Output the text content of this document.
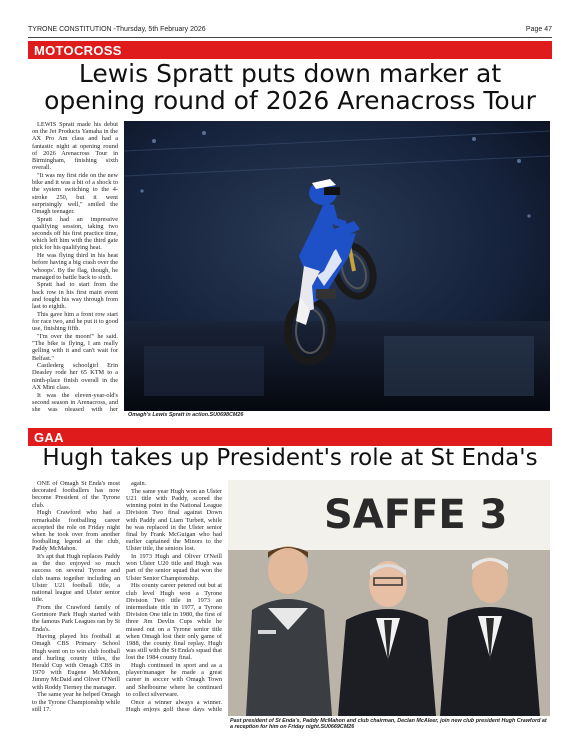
TYRONE CONSTITUTION -Thursday, 5th February 2026	Page 47
MOTOCROSS
Lewis Spratt puts down marker at
opening round of 2026 Arenacross Tour

LEWIS Spratt made his debut on the Jet Products Yamaha in the AX Pro Am class and had a fantastic night at opening round of 2026 Arenacross Tour in Birmingham, finishing sixth overall.

"It was my first ride on the new bike and it was a bit of a shock to the system switching to the 4-stroke 250, but it went surprisingly well," smiled the Omagh teenager.

Spratt had an impressive qualifying session, taking two seconds off his first practice time, which left him with the third gate pick for his qualifying heat.

He was flying third in his heat before having a big crash over the 'whoops'. By the flag, though, he managed to battle back to sixth.

Spratt had to start from the back row in his first main event and fought his way through from last to eighth.

This gave him a front row start for race two, and he put it to good use, finishing fifth.

"I'm over the moon!" he said. "The bike is flying, I am really gelling with it and can't wait for Belfast."

Castlederg schoolgirl Erin Deasley rode her 65 KTM to a ninth-place finish overall in the AX Mini class.

It was the eleven-year-old's second season in Arenacross, and she was pleased with her

Omagh's Lewis Spratt in action.SU0698CM26
GAA
Hugh takes up President's role at St Enda's

ONE of Omagh St Enda's most decorated footballers has now become President of the Tyrone club.

Hugh Crawford who had a remarkable footballing career accepted the role on Friday night when he took over from another footballing legend at the club, Paddy McMahon.

It's apt that Hugh replaces Paddy as the duo enjoyed so much success on several Tyrone and club teams together including an Ulster U21 football title, a national league and Ulster senior title.

From the Crawford family of Gortmore Park Hugh started with the famous Park Leagues ran by St Enda's.

Having played his football at Omagh CBS Primary School Hugh went on to win club football and hurling county titles, the Herald Cup with Omagh CBS in 1970 with Eugene McMahon, Jimmy McDaid and Oliver O'Neill with Roddy Tierney the manager.

The same year he helped Omagh to the Tyrone Championship while still 17.

again.

The same year Hugh won an Ulster U21 title with Paddy, scored the winning point in the National League Division Two final against Down with Paddy and Liam Turbett, while he was replaced in the Ulster senior final by Frank McGuigan who had earlier captained the Minors to the Ulster title, the seniors lost.

In 1973 Hugh and Oliver O'Neill won Ulster U20 title and Hugh was part of the senior squad that won the Ulster Senior Championship.

His county career petered out but at club level Hugh won a Tyrone Division Two title in 1973 an intermediate title in 1977, a Tyrone Division One title in 1980, the first of three Jim Devlin Cups while he missed out on a Tyrone senior title when Omagh lost their only game of 1988, the county final replay. Hugh was still with the St Enda's squad that lost the 1984 county final.

Hugh continued in sport and as a player/manager he made a great career in soccer with Omagh Town and Shelbourne where he continued to collect silverware.

Once a winner always a winner. Hugh enjoys golf these days while

SAFFE 3
Past president of St Enda's, Paddy McMahon and club chairman, Declan McAleer, join new club president Hugh Crawford at a reception for him on Friday night.SU0669CM26
